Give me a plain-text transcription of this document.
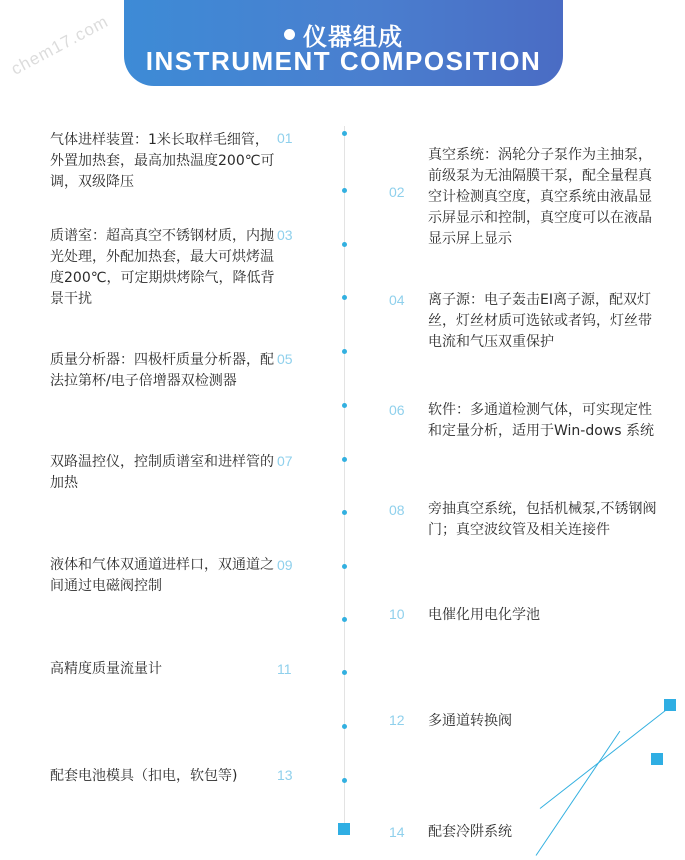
仪器组成
INSTRUMENT COMPOSITION
chem17.com
气体进样装置：1米长取样毛细管，外置加热套，最高加热温度200℃可调，双级降压
01
质谱室：超高真空不锈钢材质，内抛光处理，外配加热套，最大可烘烤温度200℃，可定期烘烤除气，降低背景干扰
03
质量分析器：四极杆质量分析器，配法拉第杯/电子倍增器双检测器
05
双路温控仪，控制质谱室和进样管的加热
07
液体和气体双通道进样口，双通道之间通过电磁阀控制
09
高精度质量流量计	11
配套电池模具（扣电，软包等)	13
02
真空系统：涡轮分子泵作为主抽泵，前级泵为无油隔膜干泵，配全量程真空计检测真空度，真空系统由液晶显示屏显示和控制，真空度可以在液晶显示屏上显示
04 离子源：电子轰击EI离子源，配双灯丝，灯丝材质可选铱或者钨，灯丝带电流和气压双重保护
06 软件：多通道检测气体，可实现定性和定量分析，适用于Win-dows 系统
08 旁抽真空系统，包括机械泵,不锈钢阀门；真空波纹管及相关连接件
10 电催化用电化学池
12 多通道转换阀
14 配套冷阱系统
